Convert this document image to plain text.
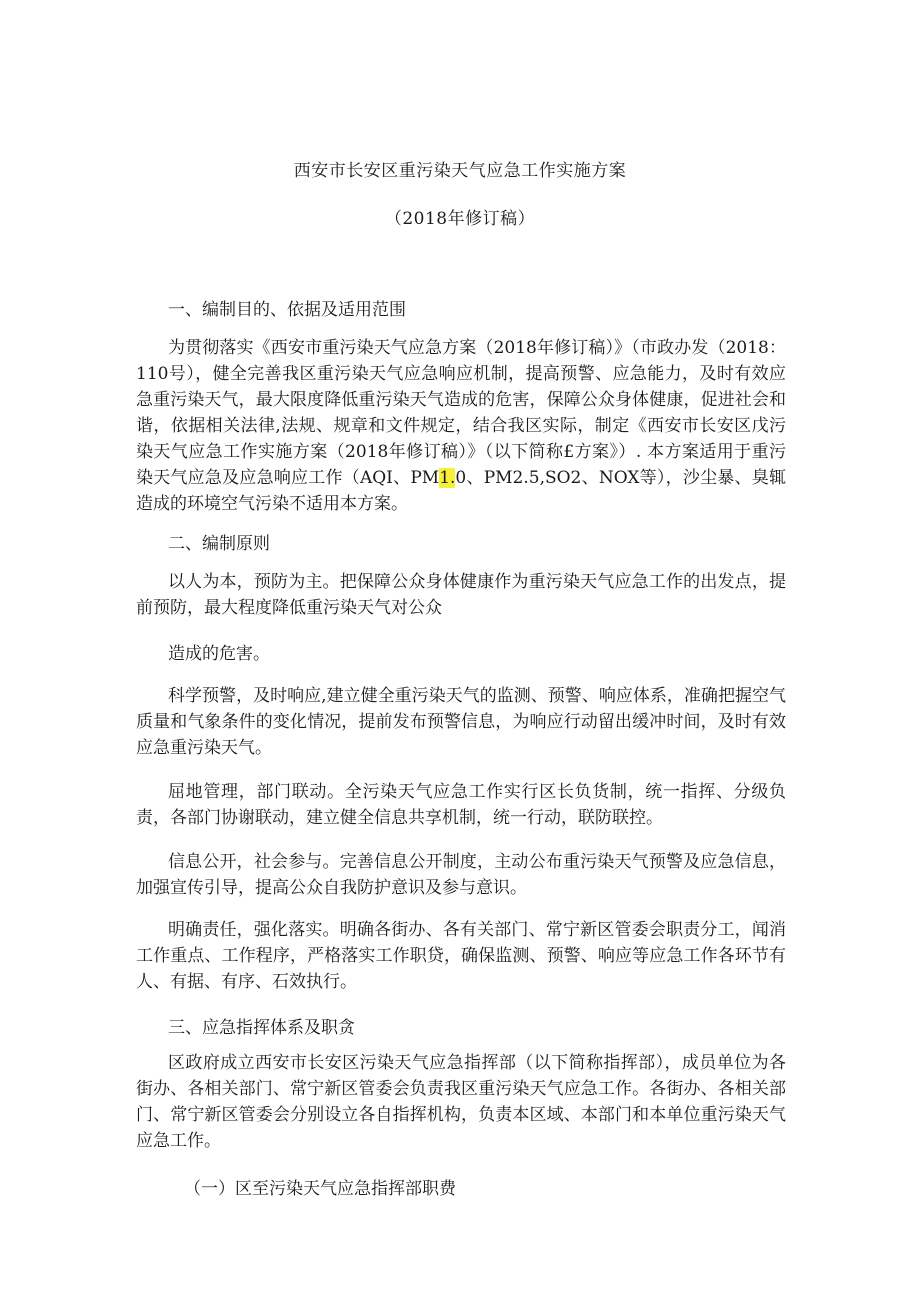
西安市长安区重污染天气应急工作实施方案
（2018年修订稿）
一、编制目的、依据及适用范围

为贯彻落实《西安市重污染天气应急方案（2018年修订稿）》（市政办发（2018：110号），健全完善我区重污染天气应急响应机制，提高预警、应急能力，及时有效应急重污染天气，最大限度降低重污染天气造成的危害，保障公众身体健康，促进社会和谐，依据相关法律,法规、规章和文件规定，结合我区实际，制定《西安市长安区戊污染天气应急工作实施方案（2018年修订稿）》（以下简称£方案》）. 本方案适用于重污染天气应急及应急响应工作（AQI、PM1.0、PM2.5,SO2、NOX等），沙尘暴、臭辄造成的环境空气污染不适用本方案。

二、编制原则

以人为本，预防为主。把保障公众身体健康作为重污染天气应急工作的出发点，提前预防，最大程度降低重污染天气对公众

造成的危害。

科学预警，及时响应,建立健全重污染天气的监测、预警、响应体系，准确把握空气质量和气象条件的变化情况，提前发布预警信息，为响应行动留出缓冲时间，及时有效应急重污染天气。

屈地管理，部门联动。全污染天气应急工作实行区长负货制，统一指挥、分级负责，各部门协谢联动，建立健全信息共享机制，统一行动，联防联控。

信息公开，社会参与。完善信息公开制度，主动公布重污染天气预警及应急信息，加强宣传引导，提高公众自我防护意识及参与意识。

明确责任，强化落实。明确各街办、各有关部门、常宁新区管委会职责分工，闻消工作重点、工作程序，严格落实工作职贷，确保监测、预警、响应等应急工作各环节有人、有据、有序、石效执行。

三、应急指挥体系及职贪

区政府成立西安市长安区污染天气应急指挥部（以下简称指挥部），成员单位为各街办、各相关部门、常宁新区管委会负责我区重污染天气应急工作。各街办、各相关部门、常宁新区管委会分别设立各自指挥机构，负责本区域、本部门和本单位重污染天气应急工作。

（一）区至污染天气应急指挥部职费
